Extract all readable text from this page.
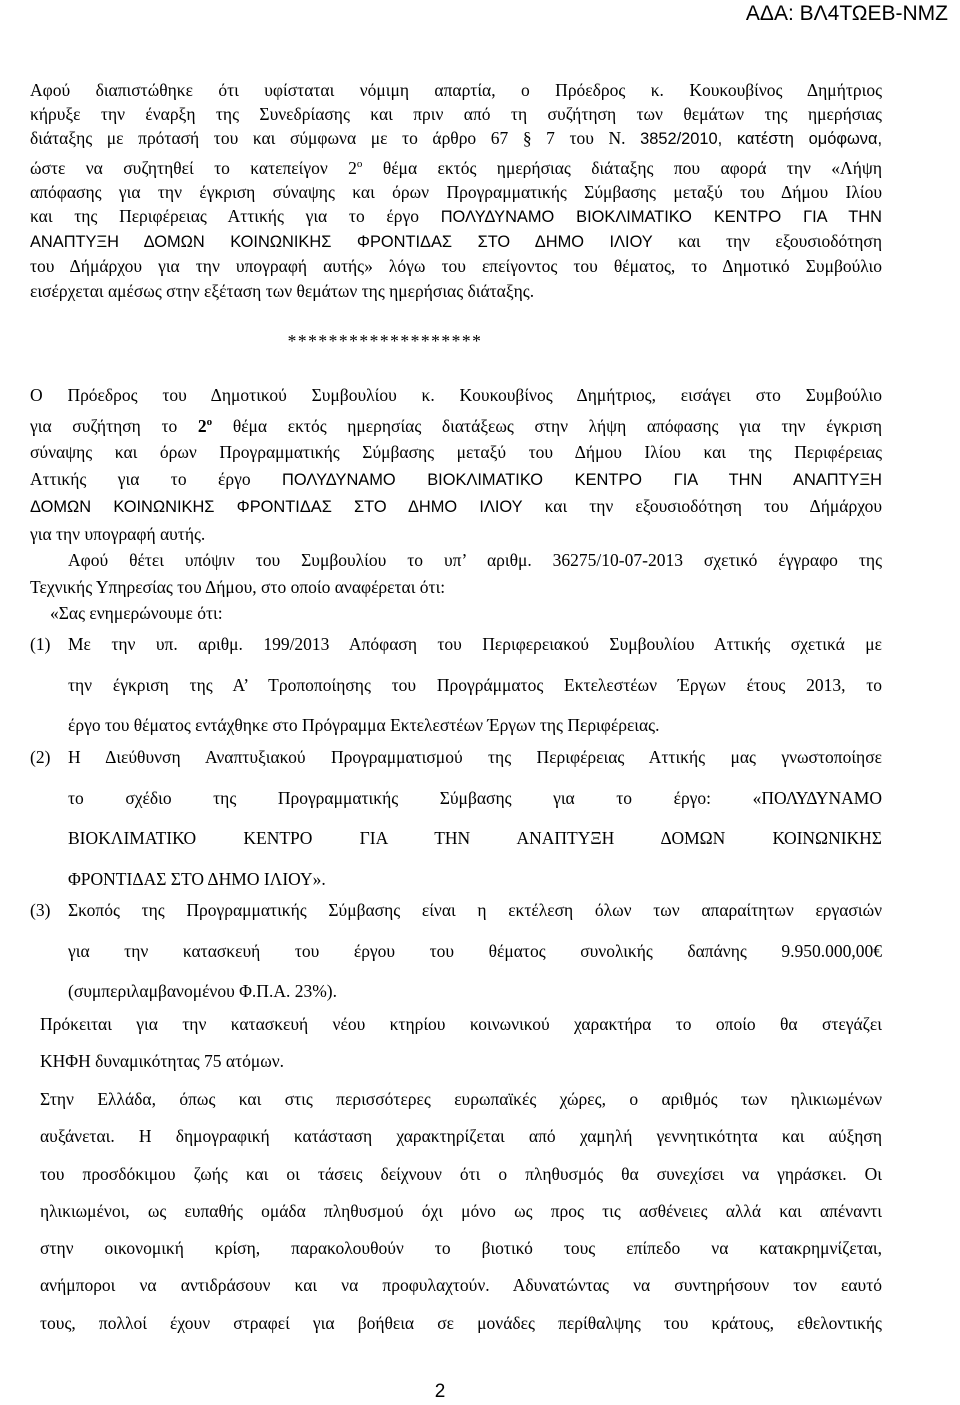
ΑΔΑ: ΒΛ4ΤΩΕΒ-ΝΜΖ
Αφού διαπιστώθηκε ότι υφίσταται νόμιμη απαρτία, ο Πρόεδρος κ. Κουκουβίνος Δημήτριος
κήρυξε την έναρξη της Συνεδρίασης και πριν από τη συζήτηση των θεμάτων της ημερήσιας
διάταξης με πρότασή του και σύμφωνα με το άρθρο 67 § 7 του Ν. 3852/2010, κατέστη ομόφωνα,
ώστε να συζητηθεί το κατεπείγον $2^o$ θέμα εκτός ημερήσιας διάταξης που αφορά την «Λήψη
απόφασης για την έγκριση σύναψης και όρων Προγραμματικής Σύμβασης μεταξύ του Δήμου Ιλίου
και της Περιφέρειας Αττικής για το έργο ΠΟΛΥΔΥΝΑΜΟ ΒΙΟΚΛΙΜΑΤΙΚΟ ΚΕΝΤΡΟ ΓΙΑ ΤΗΝ
ΑΝΑΠΤΥΞΗ ΔΟΜΩΝ ΚΟΙΝΩΝΙΚΗΣ ΦΡΟΝΤΙΔΑΣ ΣΤΟ ΔΗΜΟ ΙΛΙΟΥ και την εξουσιοδότηση
του Δήμάρχου για την υπογραφή αυτής» λόγω του επείγοντος του θέματος, το Δημοτικό Συμβούλιο
εισέρχεται αμέσως στην εξέταση των θεμάτων της ημερήσιας διάταξης.
*******************
Ο Πρόεδρος του Δημοτικού Συμβουλίου κ. Κουκουβίνος Δημήτριος, εισάγει στο Συμβούλιο
για συζήτηση το $2^o$ θέμα εκτός ημερησίας διατάξεως στην λήψη απόφασης για την έγκριση
σύναψης και όρων Προγραμματικής Σύμβασης μεταξύ του Δήμου Ιλίου και της Περιφέρειας
Αττικής για το έργο ΠΟΛΥΔΥΝΑΜΟ ΒΙΟΚΛΙΜΑΤΙΚΟ ΚΕΝΤΡΟ ΓΙΑ ΤΗΝ ΑΝΑΠΤΥΞΗ
ΔΟΜΩΝ ΚΟΙΝΩΝΙΚΗΣ ΦΡΟΝΤΙΔΑΣ ΣΤΟ ΔΗΜΟ ΙΛΙΟΥ και την εξουσιοδότηση του Δήμάρχου
για την υπογραφή αυτής.
Αφού θέτει υπόψιν του Συμβουλίου το υπ’ αριθμ. 36275/10-07-2013 σχετικό έγγραφο της
Τεχνικής Υπηρεσίας του Δήμου, στο οποίο αναφέρεται ότι:
«Σας ενημερώνουμε ότι:
(1) Με την υπ. αριθμ. 199/2013 Απόφαση του Περιφερειακού Συμβουλίου Αττικής σχετικά με
την έγκριση της Α’ Τροποποίησης του Προγράμματος Εκτελεστέων Έργων έτους 2013, το
έργο του θέματος εντάχθηκε στο Πρόγραμμα Εκτελεστέων Έργων της Περιφέρειας.
(2) Η Διεύθυνση Αναπτυξιακού Προγραμματισμού της Περιφέρειας Αττικής μας γνωστοποίησε
το σχέδιο της Προγραμματικής Σύμβασης για το έργο: «ΠΟΛΥΔΥΝΑΜΟ
ΒΙΟΚΛΙΜΑΤΙΚΟ ΚΕΝΤΡΟ ΓΙΑ ΤΗΝ ΑΝΑΠΤΥΞΗ ΔΟΜΩΝ ΚΟΙΝΩΝΙΚΗΣ
ΦΡΟΝΤΙΔΑΣ ΣΤΟ ΔΗΜΟ ΙΛΙΟΥ».
(3) Σκοπός της Προγραμματικής Σύμβασης είναι η εκτέλεση όλων των απαραίτητων εργασιών
για την κατασκευή του έργου του θέματος συνολικής δαπάνης 9.950.000,00€
(συμπεριλαμβανομένου Φ.Π.Α. 23%).
Πρόκειται για την κατασκευή νέου κτηρίου κοινωνικού χαρακτήρα το οποίο θα στεγάζει
ΚΗΦΗ δυναμικότητας 75 ατόμων.
Στην Ελλάδα, όπως και στις περισσότερες ευρωπαϊκές χώρες, ο αριθμός των ηλικιωμένων
αυξάνεται. Η δημογραφική κατάσταση χαρακτηρίζεται από χαμηλή γεννητικότητα και αύξηση
του προσδόκιμου ζωής και οι τάσεις δείχνουν ότι ο πληθυσμός θα συνεχίσει να γηράσκει. Οι
ηλικιωμένοι, ως ευπαθής ομάδα πληθυσμού όχι μόνο ως προς τις ασθένειες αλλά και απέναντι
στην οικονομική κρίση, παρακολουθούν το βιοτικό τους επίπεδο να κατακρημνίζεται,
ανήμποροι να αντιδράσουν και να προφυλαχτούν. Αδυνατώντας να συντηρήσουν τον εαυτό
τους, πολλοί έχουν στραφεί για βοήθεια σε μονάδες περίθαλψης του κράτους, εθελοντικής
2
